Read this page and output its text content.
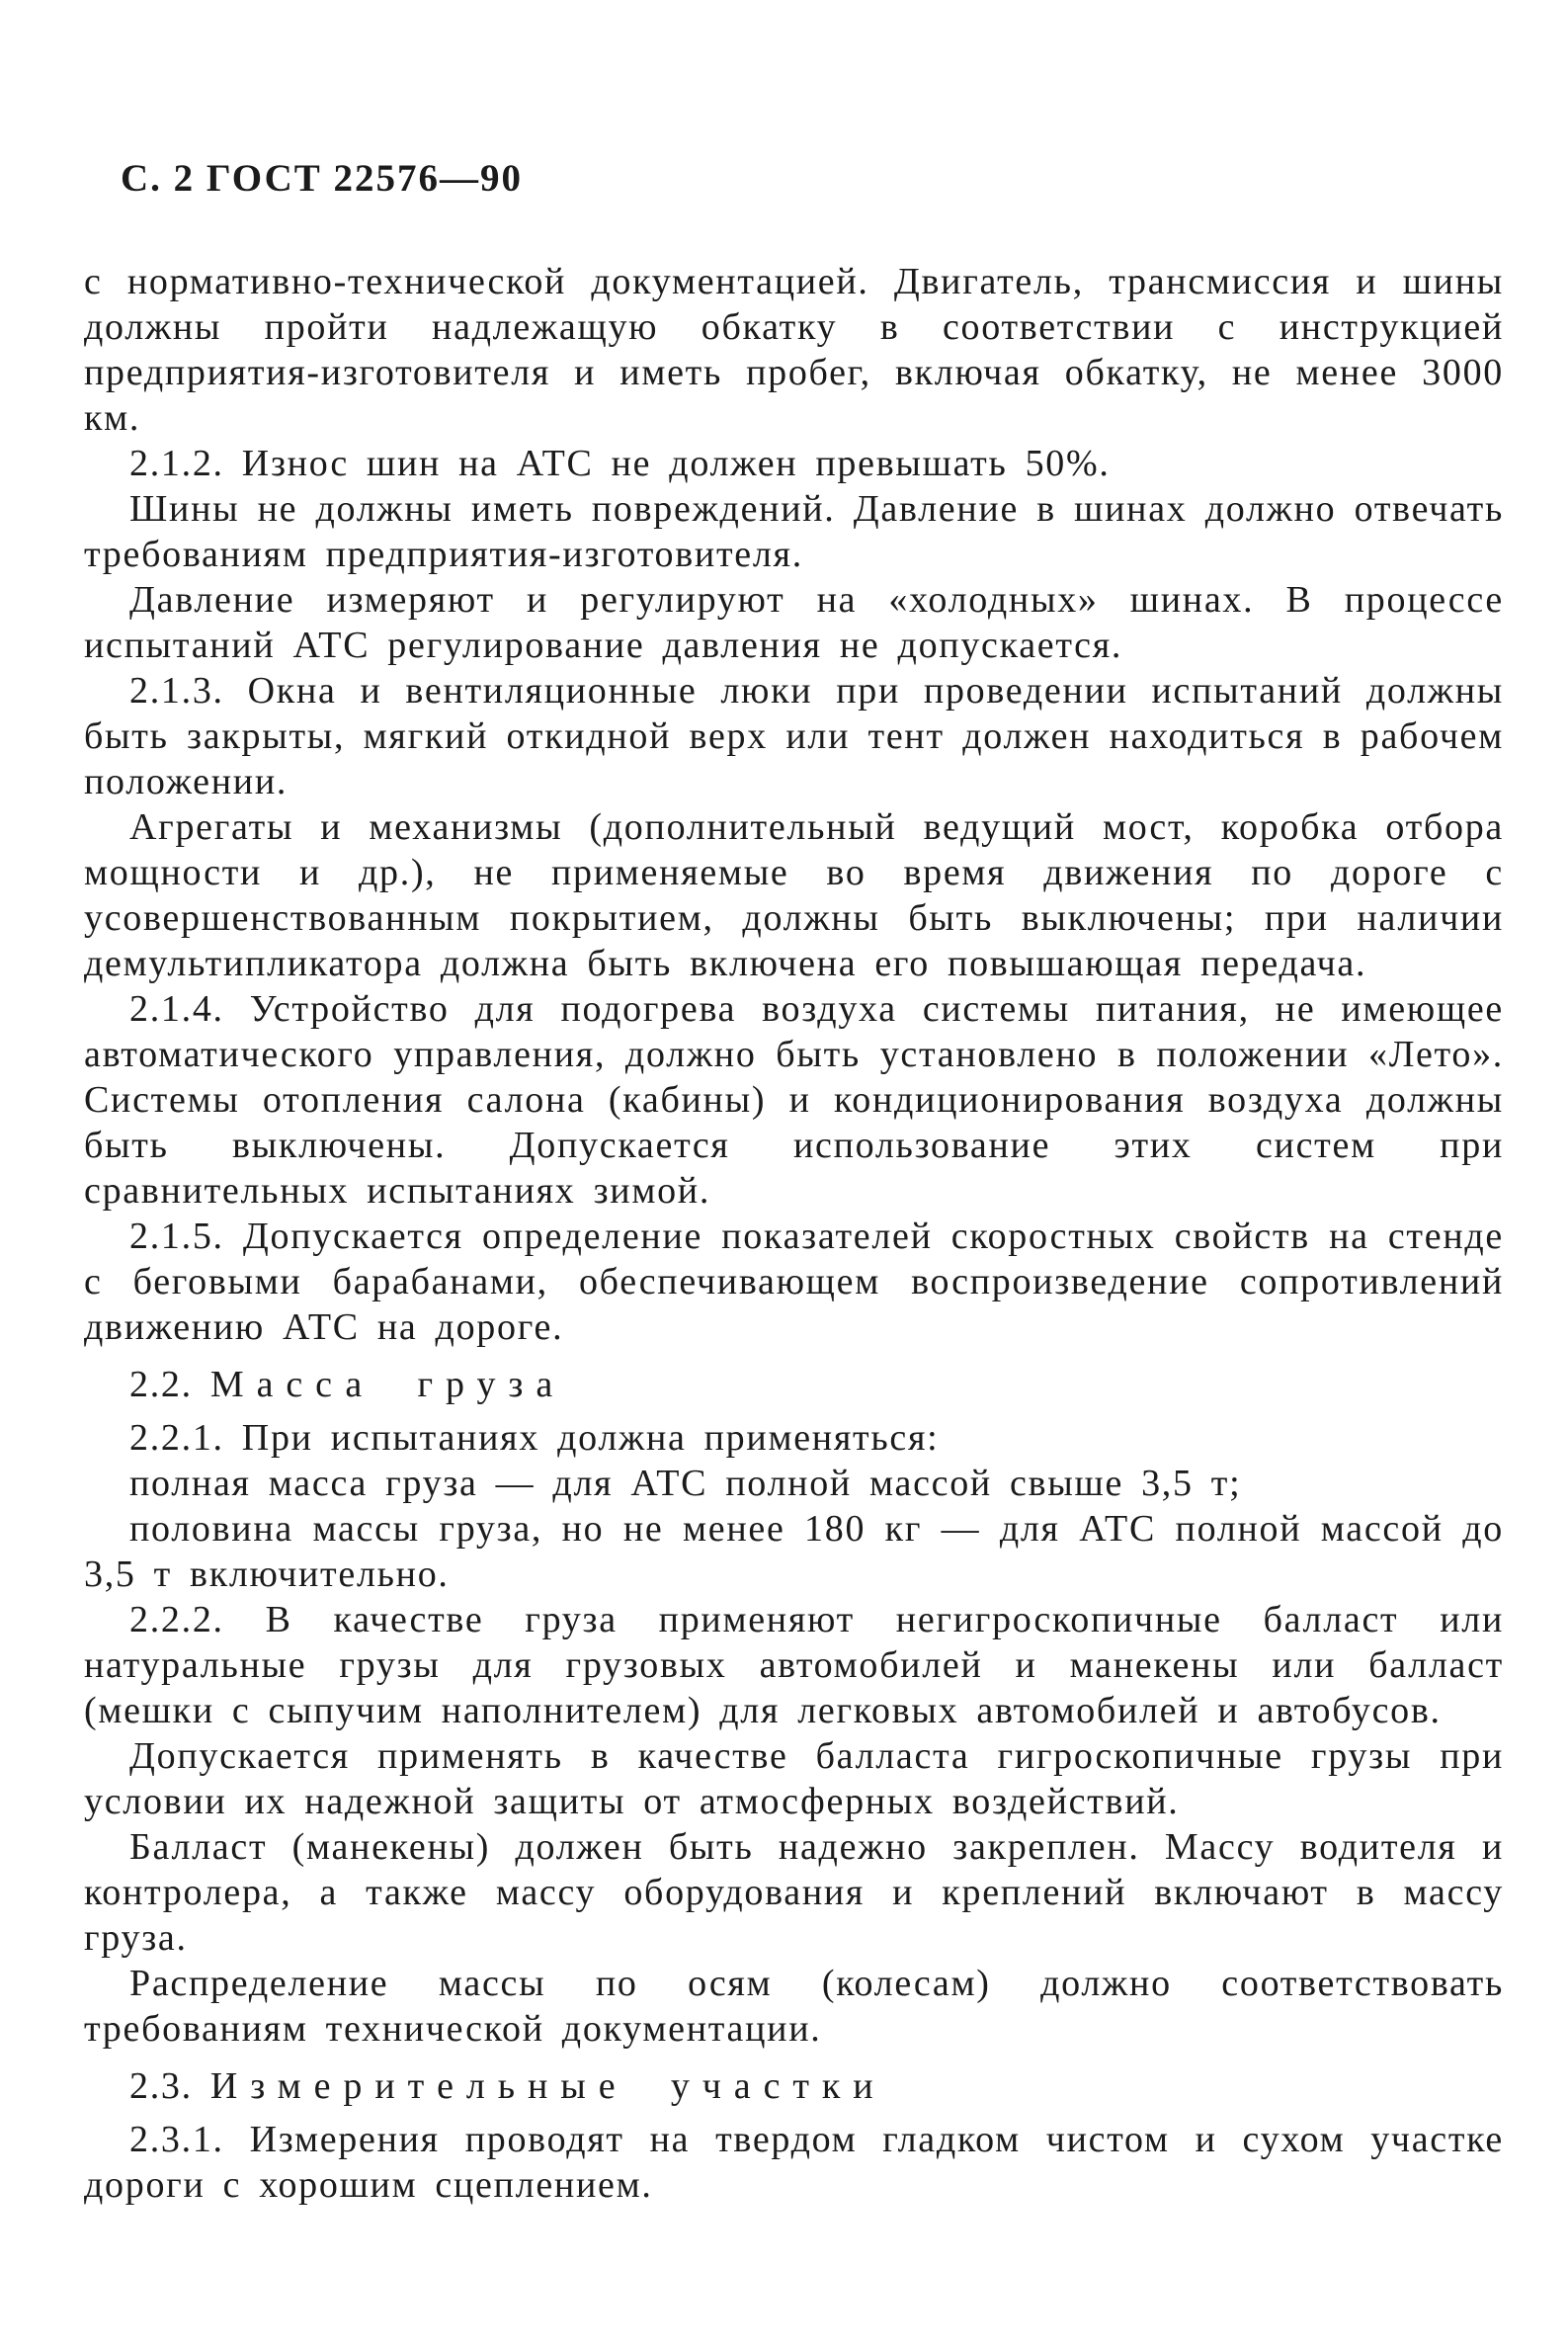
С. 2 ГОСТ 22576—90

с нормативно-технической документацией. Двигатель, трансмиссия и шины должны пройти надлежащую обкатку в соответствии с инструкцией предприятия-изготовителя и иметь пробег, включая обкатку, не менее 3000 км.

2.1.2. Износ шин на АТС не должен превышать 50%.

Шины не должны иметь повреждений. Давление в шинах должно отвечать требованиям предприятия-изготовителя.

Давление измеряют и регулируют на «холодных» шинах. В процессе испытаний АТС регулирование давления не допускается.

2.1.3. Окна и вентиляционные люки при проведении испытаний должны быть закрыты, мягкий откидной верх или тент должен находиться в рабочем положении.

Агрегаты и механизмы (дополнительный ведущий мост, коробка отбора мощности и др.), не применяемые во время движения по дороге с усовершенствованным покрытием, должны быть выключены; при наличии демультипликатора должна быть включена его повышающая передача.

2.1.4. Устройство для подогрева воздуха системы питания, не имеющее автоматического управления, должно быть установлено в положении «Лето». Системы отопления салона (кабины) и кондиционирования воздуха должны быть выключены. Допускается использование этих систем при сравнительных испытаниях зимой.

2.1.5. Допускается определение показателей скоростных свойств на стенде с беговыми барабанами, обеспечивающем воспроизведение сопротивлений движению АТС на дороге.

2.2. Масса груза

2.2.1. При испытаниях должна применяться:

полная масса груза — для АТС полной массой свыше 3,5 т;

половина массы груза, но не менее 180 кг — для АТС полной массой до 3,5 т включительно.

2.2.2. В качестве груза применяют негигроскопичные балласт или натуральные грузы для грузовых автомобилей и манекены или балласт (мешки с сыпучим наполнителем) для легковых автомобилей и автобусов.

Допускается применять в качестве балласта гигроскопичные грузы при условии их надежной защиты от атмосферных воздействий.

Балласт (манекены) должен быть надежно закреплен. Массу водителя и контролера, а также массу оборудования и креплений включают в массу груза.

Распределение массы по осям (колесам) должно соответствовать требованиям технической документации.

2.3. Измерительные участки

2.3.1. Измерения проводят на твердом гладком чистом и сухом участке дороги с хорошим сцеплением.
